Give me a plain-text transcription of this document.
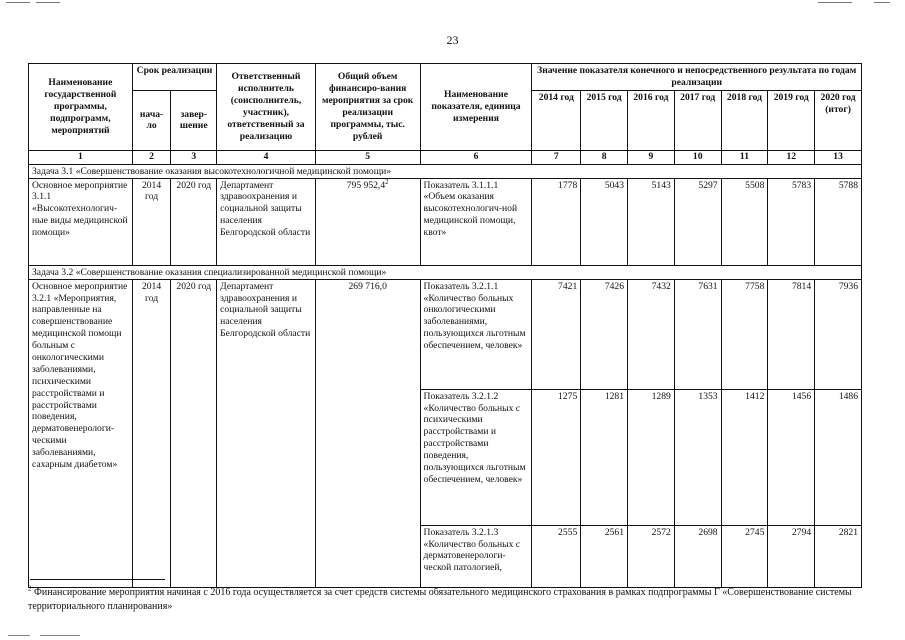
23
Наименование государственной программы, подпрограмм, мероприятий	Срок реализации		Ответственный исполнитель (соисполнитель, участник), ответственный за реализацию	Общий объем финансиро-вания мероприятия за срок реализации программы, тыс. рублей	Наименование показателя, единица измерения	Значение показателя конечного и непосредственного результата по годам реализации						
	нача-ло	завер-шение				2014 год	2015 год	2016 год	2017 год	2018 год	2019 год	2020 год (итог)
1	2	3	4	5	6	7	8	9	10	11	12	13
Задача 3.1 «Совершенствование оказания высокотехнологичной медицинской помощи»												
Основное мероприятие 3.1.1 «Высокотехнологич-ные виды медицинской помощи»	2014 год	2020 год	Департамент здравоохранения и социальной защиты населения Белгородской области	795 952,4$^2$	Показатель 3.1.1.1 «Объем оказания высокотехнологич-ной медицинской помощи, квот»	1778	5043	5143	5297	5508	5783	5788
Задача 3.2 «Совершенствование оказания специализированной медицинской помощи»												
Основное мероприятие 3.2.1 «Мероприятия, направленные на совершенствование медицинской помощи больным с онкологическими заболеваниями, психическими расстройствами и расстройствами поведения, дерматовенерологи-ческими заболеваниями, сахарным диабетом»	2014 год	2020 год	Департамент здравоохранения и социальной защиты населения Белгородской области	269 716,0	Показатель 3.2.1.1 «Количество больных онкологическими заболеваниями, пользующихся льготным обеспечением, человек»	7421	7426	7432	7631	7758	7814	7936
					Показатель 3.2.1.2 «Количество больных с психическими расстройствами и расстройствами поведения, пользующихся льготным обеспечением, человек»	1275	1281	1289	1353	1412	1456	1486
					Показатель 3.2.1.3 «Количество больных с дерматовенерологи-ческой патологией,	2555	2561	2572	2698	2745	2794	2821
$^2$ Финансирование мероприятия начиная с 2016 года осуществляется за счет средств системы обязательного медицинского страхования в рамках подпрограммы Г «Совершенствование системы территориального планирования»
